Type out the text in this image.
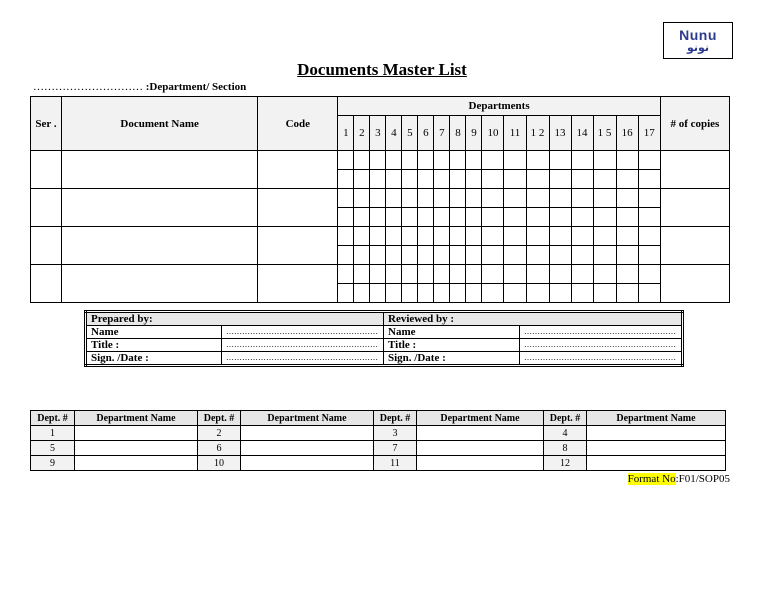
Nunu
نونو
Documents Master List
………………………… :Department/ Section
Ser .	Document Name	Code	Departments																	# of copies
			1	2	3	4	5	6	7	8	9	10	11	1 2	13	14	1 5	16	17	

Prepared by:		Reviewed by :	
Name	…………………………………………………	Name	…………………………………………………
Title :	…………………………………………………	Title :	…………………………………………………
Sign. /Date :	…………………………………………………	Sign. /Date :	…………………………………………………
Dept. #	Department Name	Dept. #	Department Name	Dept. #	Department Name	Dept. #	Department Name
1		2		3		4	
5		6		7		8	
9		10		11		12	
Format No:F01/SOP05
